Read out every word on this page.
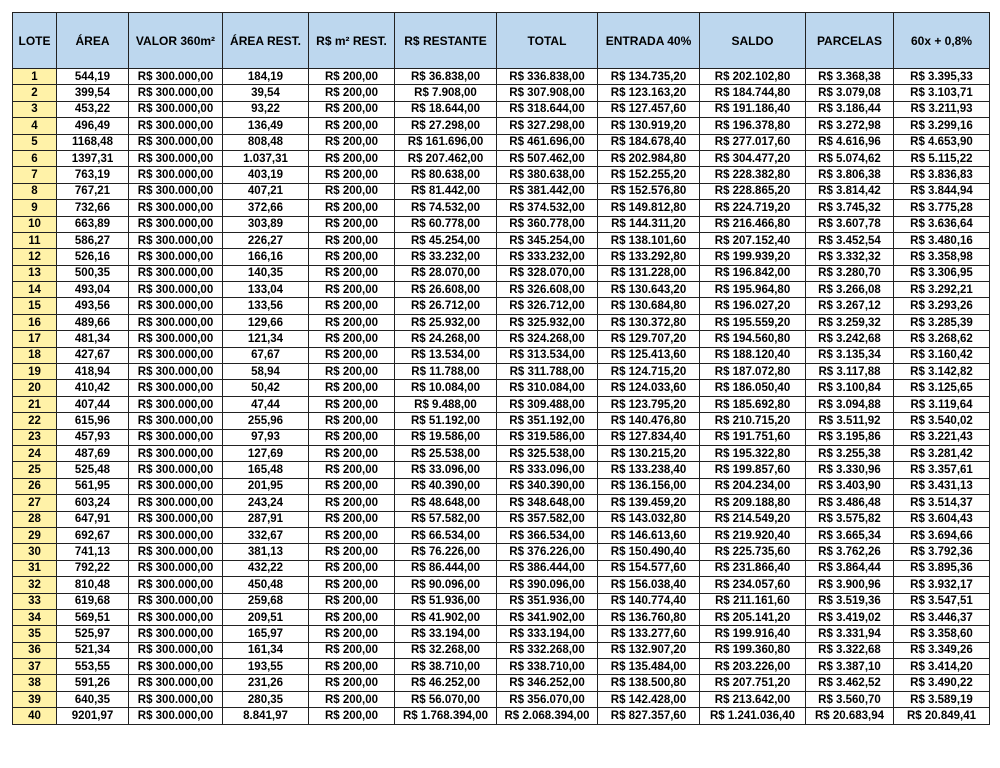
LOTE	ÁREA	VALOR 360m²	ÁREA REST.	R$ m² REST.	R$ RESTANTE	TOTAL	ENTRADA 40%	SALDO	PARCELAS	60x + 0,8%
1	544,19	R$ 300.000,00	184,19	R$ 200,00	R$ 36.838,00	R$ 336.838,00	R$ 134.735,20	R$ 202.102,80	R$ 3.368,38	R$ 3.395,33
2	399,54	R$ 300.000,00	39,54	R$ 200,00	R$ 7.908,00	R$ 307.908,00	R$ 123.163,20	R$ 184.744,80	R$ 3.079,08	R$ 3.103,71
3	453,22	R$ 300.000,00	93,22	R$ 200,00	R$ 18.644,00	R$ 318.644,00	R$ 127.457,60	R$ 191.186,40	R$ 3.186,44	R$ 3.211,93
4	496,49	R$ 300.000,00	136,49	R$ 200,00	R$ 27.298,00	R$ 327.298,00	R$ 130.919,20	R$ 196.378,80	R$ 3.272,98	R$ 3.299,16
5	1168,48	R$ 300.000,00	808,48	R$ 200,00	R$ 161.696,00	R$ 461.696,00	R$ 184.678,40	R$ 277.017,60	R$ 4.616,96	R$ 4.653,90
6	1397,31	R$ 300.000,00	1.037,31	R$ 200,00	R$ 207.462,00	R$ 507.462,00	R$ 202.984,80	R$ 304.477,20	R$ 5.074,62	R$ 5.115,22
7	763,19	R$ 300.000,00	403,19	R$ 200,00	R$ 80.638,00	R$ 380.638,00	R$ 152.255,20	R$ 228.382,80	R$ 3.806,38	R$ 3.836,83
8	767,21	R$ 300.000,00	407,21	R$ 200,00	R$ 81.442,00	R$ 381.442,00	R$ 152.576,80	R$ 228.865,20	R$ 3.814,42	R$ 3.844,94
9	732,66	R$ 300.000,00	372,66	R$ 200,00	R$ 74.532,00	R$ 374.532,00	R$ 149.812,80	R$ 224.719,20	R$ 3.745,32	R$ 3.775,28
10	663,89	R$ 300.000,00	303,89	R$ 200,00	R$ 60.778,00	R$ 360.778,00	R$ 144.311,20	R$ 216.466,80	R$ 3.607,78	R$ 3.636,64
11	586,27	R$ 300.000,00	226,27	R$ 200,00	R$ 45.254,00	R$ 345.254,00	R$ 138.101,60	R$ 207.152,40	R$ 3.452,54	R$ 3.480,16
12	526,16	R$ 300.000,00	166,16	R$ 200,00	R$ 33.232,00	R$ 333.232,00	R$ 133.292,80	R$ 199.939,20	R$ 3.332,32	R$ 3.358,98
13	500,35	R$ 300.000,00	140,35	R$ 200,00	R$ 28.070,00	R$ 328.070,00	R$ 131.228,00	R$ 196.842,00	R$ 3.280,70	R$ 3.306,95
14	493,04	R$ 300.000,00	133,04	R$ 200,00	R$ 26.608,00	R$ 326.608,00	R$ 130.643,20	R$ 195.964,80	R$ 3.266,08	R$ 3.292,21
15	493,56	R$ 300.000,00	133,56	R$ 200,00	R$ 26.712,00	R$ 326.712,00	R$ 130.684,80	R$ 196.027,20	R$ 3.267,12	R$ 3.293,26
16	489,66	R$ 300.000,00	129,66	R$ 200,00	R$ 25.932,00	R$ 325.932,00	R$ 130.372,80	R$ 195.559,20	R$ 3.259,32	R$ 3.285,39
17	481,34	R$ 300.000,00	121,34	R$ 200,00	R$ 24.268,00	R$ 324.268,00	R$ 129.707,20	R$ 194.560,80	R$ 3.242,68	R$ 3.268,62
18	427,67	R$ 300.000,00	67,67	R$ 200,00	R$ 13.534,00	R$ 313.534,00	R$ 125.413,60	R$ 188.120,40	R$ 3.135,34	R$ 3.160,42
19	418,94	R$ 300.000,00	58,94	R$ 200,00	R$ 11.788,00	R$ 311.788,00	R$ 124.715,20	R$ 187.072,80	R$ 3.117,88	R$ 3.142,82
20	410,42	R$ 300.000,00	50,42	R$ 200,00	R$ 10.084,00	R$ 310.084,00	R$ 124.033,60	R$ 186.050,40	R$ 3.100,84	R$ 3.125,65
21	407,44	R$ 300.000,00	47,44	R$ 200,00	R$ 9.488,00	R$ 309.488,00	R$ 123.795,20	R$ 185.692,80	R$ 3.094,88	R$ 3.119,64
22	615,96	R$ 300.000,00	255,96	R$ 200,00	R$ 51.192,00	R$ 351.192,00	R$ 140.476,80	R$ 210.715,20	R$ 3.511,92	R$ 3.540,02
23	457,93	R$ 300.000,00	97,93	R$ 200,00	R$ 19.586,00	R$ 319.586,00	R$ 127.834,40	R$ 191.751,60	R$ 3.195,86	R$ 3.221,43
24	487,69	R$ 300.000,00	127,69	R$ 200,00	R$ 25.538,00	R$ 325.538,00	R$ 130.215,20	R$ 195.322,80	R$ 3.255,38	R$ 3.281,42
25	525,48	R$ 300.000,00	165,48	R$ 200,00	R$ 33.096,00	R$ 333.096,00	R$ 133.238,40	R$ 199.857,60	R$ 3.330,96	R$ 3.357,61
26	561,95	R$ 300.000,00	201,95	R$ 200,00	R$ 40.390,00	R$ 340.390,00	R$ 136.156,00	R$ 204.234,00	R$ 3.403,90	R$ 3.431,13
27	603,24	R$ 300.000,00	243,24	R$ 200,00	R$ 48.648,00	R$ 348.648,00	R$ 139.459,20	R$ 209.188,80	R$ 3.486,48	R$ 3.514,37
28	647,91	R$ 300.000,00	287,91	R$ 200,00	R$ 57.582,00	R$ 357.582,00	R$ 143.032,80	R$ 214.549,20	R$ 3.575,82	R$ 3.604,43
29	692,67	R$ 300.000,00	332,67	R$ 200,00	R$ 66.534,00	R$ 366.534,00	R$ 146.613,60	R$ 219.920,40	R$ 3.665,34	R$ 3.694,66
30	741,13	R$ 300.000,00	381,13	R$ 200,00	R$ 76.226,00	R$ 376.226,00	R$ 150.490,40	R$ 225.735,60	R$ 3.762,26	R$ 3.792,36
31	792,22	R$ 300.000,00	432,22	R$ 200,00	R$ 86.444,00	R$ 386.444,00	R$ 154.577,60	R$ 231.866,40	R$ 3.864,44	R$ 3.895,36
32	810,48	R$ 300.000,00	450,48	R$ 200,00	R$ 90.096,00	R$ 390.096,00	R$ 156.038,40	R$ 234.057,60	R$ 3.900,96	R$ 3.932,17
33	619,68	R$ 300.000,00	259,68	R$ 200,00	R$ 51.936,00	R$ 351.936,00	R$ 140.774,40	R$ 211.161,60	R$ 3.519,36	R$ 3.547,51
34	569,51	R$ 300.000,00	209,51	R$ 200,00	R$ 41.902,00	R$ 341.902,00	R$ 136.760,80	R$ 205.141,20	R$ 3.419,02	R$ 3.446,37
35	525,97	R$ 300.000,00	165,97	R$ 200,00	R$ 33.194,00	R$ 333.194,00	R$ 133.277,60	R$ 199.916,40	R$ 3.331,94	R$ 3.358,60
36	521,34	R$ 300.000,00	161,34	R$ 200,00	R$ 32.268,00	R$ 332.268,00	R$ 132.907,20	R$ 199.360,80	R$ 3.322,68	R$ 3.349,26
37	553,55	R$ 300.000,00	193,55	R$ 200,00	R$ 38.710,00	R$ 338.710,00	R$ 135.484,00	R$ 203.226,00	R$ 3.387,10	R$ 3.414,20
38	591,26	R$ 300.000,00	231,26	R$ 200,00	R$ 46.252,00	R$ 346.252,00	R$ 138.500,80	R$ 207.751,20	R$ 3.462,52	R$ 3.490,22
39	640,35	R$ 300.000,00	280,35	R$ 200,00	R$ 56.070,00	R$ 356.070,00	R$ 142.428,00	R$ 213.642,00	R$ 3.560,70	R$ 3.589,19
40	9201,97	R$ 300.000,00	8.841,97	R$ 200,00	R$ 1.768.394,00	R$ 2.068.394,00	R$ 827.357,60	R$ 1.241.036,40	R$ 20.683,94	R$ 20.849,41
